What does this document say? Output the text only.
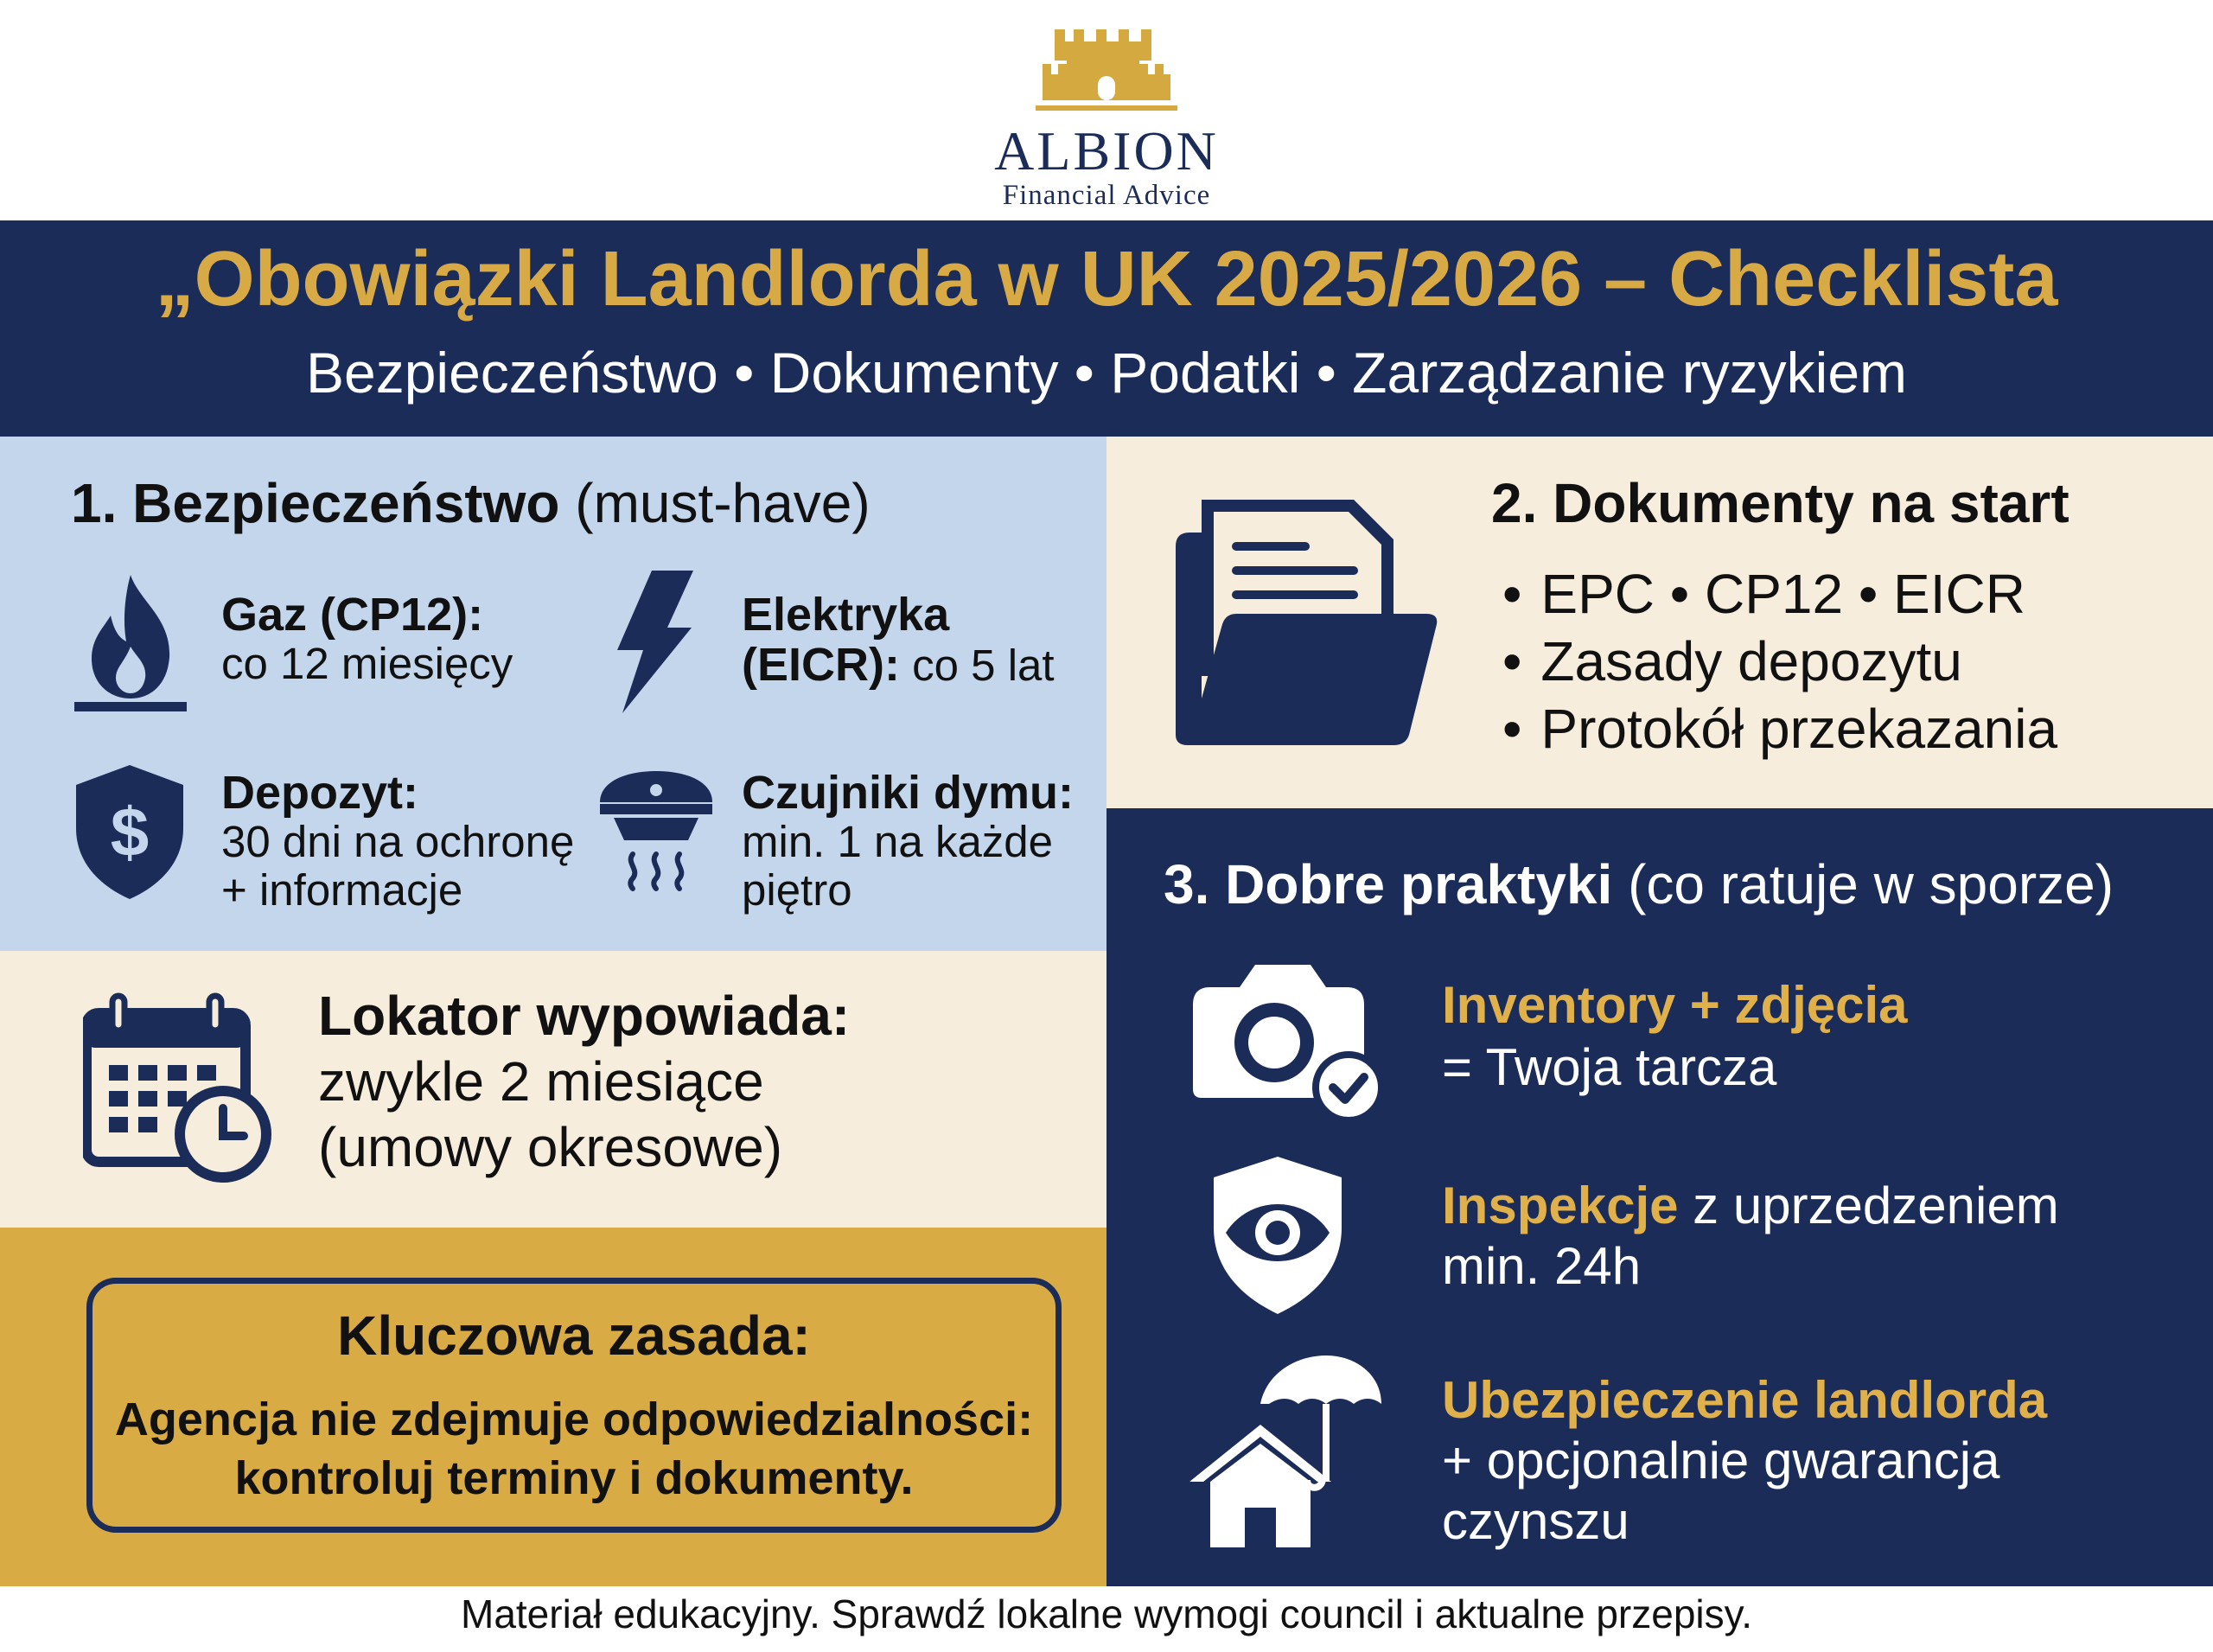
ALBION
Financial Advice
„Obowiązki Landlorda w UK 2025/2026 – Checklista
Bezpieczeństwo • Dokumenty • Podatki • Zarządzanie ryzykiem
1. Bezpieczeństwo (must-have)
Gaz (CP12):
co 12 miesięcy
Elektryka
(EICR): co 5 lat
$
Depozyt:
30 dni na ochronę
+ informacje
Czujniki dymu:
min. 1 na każde
piętro
Lokator wypowiada:
zwykle 2 miesiące
(umowy okresowe)
Kluczowa zasada:
Agencja nie zdejmuje odpowiedzialności:
kontroluj terminy i dokumenty.
2. Dokumenty na start
• EPC • CP12 • EICR
• Zasady depozytu
• Protokół przekazania
3. Dobre praktyki (co ratuje w sporze)
Inventory + zdjęcia
= Twoja tarcza
Inspekcje z uprzedzeniem
min. 24h
Ubezpieczenie landlorda
+ opcjonalnie gwarancja
czynszu
Materiał edukacyjny. Sprawdź lokalne wymogi council i aktualne przepisy.
